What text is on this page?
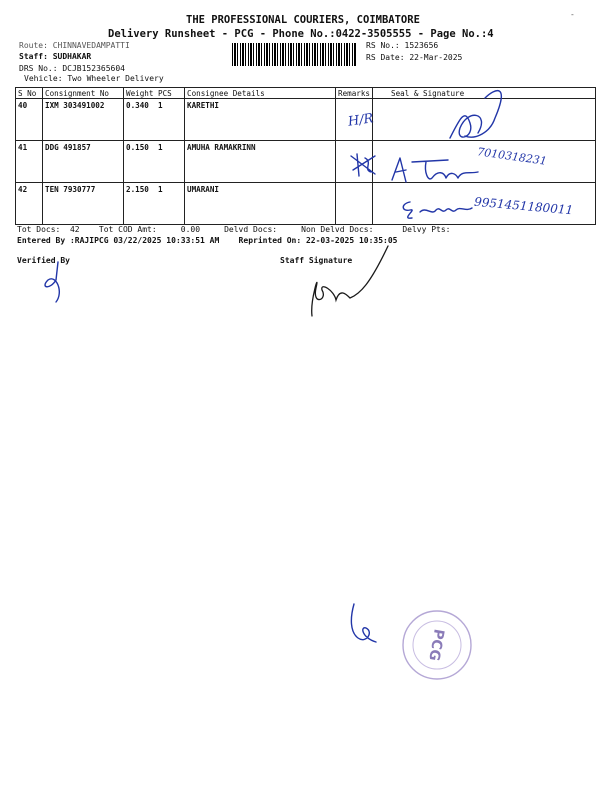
THE PROFESSIONAL COURIERS, COIMBATORE
Delivery Runsheet - PCG - Phone No.:0422-3505555 - Page No.:4
-
Route: CHINNAVEDAMPATTI
Staff: SUDHAKAR
DRS No.: DCJB152365604
Vehicle: Two Wheeler Delivery
RS No.: 1523656
RS Date: 22-Mar-2025
S No	Consignment No	Weight	PCS	Consignee Details	Remarks	Seal & Signature
40	IXM 303491002	0.340	1	KARETHI		
41	DDG 491857	0.150	1	AMUHA RAMAKRINN		
42	TEN 7930777	2.150	1	UMARANI		
Tot Docs:  42    Tot COD Amt:     0.00     Delvd Docs:     Non Delvd Docs:      Delvy Pts:
Entered By :RAJIPCG 03/22/2025 10:33:51 AM    Reprinted On: 22-03-2025 10:35:05
Verified By	Staff Signature
H/R
7010318231
9951451180011
PCG
